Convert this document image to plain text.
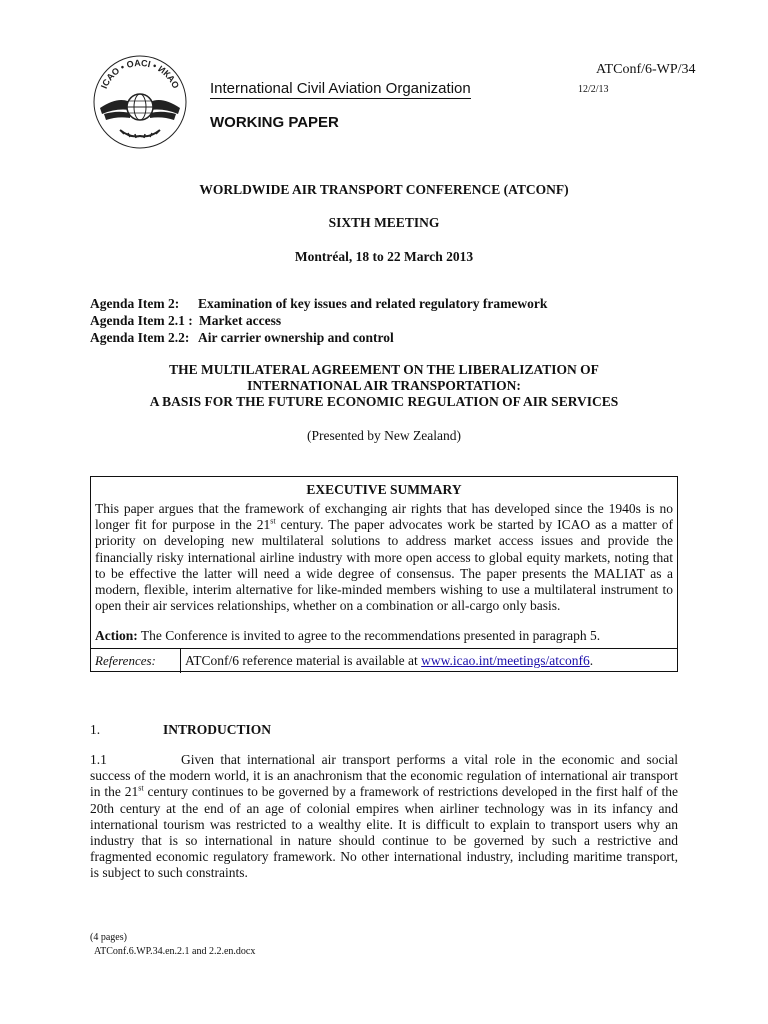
ICAO • OACI • ИКАО International Civil Aviation Organization
WORKING PAPER
ATConf/6-WP/34
12/2/13
WORLDWIDE AIR TRANSPORT CONFERENCE (ATCONF)
SIXTH MEETING
Montréal, 18 to 22 March 2013
Agenda Item 2: Examination of key issues and related regulatory framework
Agenda Item 2.1 : Market access
Agenda Item 2.2: Air carrier ownership and control
THE MULTILATERAL AGREEMENT ON THE LIBERALIZATION OF
INTERNATIONAL AIR TRANSPORTATION:
A BASIS FOR THE FUTURE ECONOMIC REGULATION OF AIR SERVICES
(Presented by New Zealand)
EXECUTIVE SUMMARY
This paper argues that the framework of exchanging air rights that has developed since the 1940s is no longer fit for purpose in the 21st century. The paper advocates work be started by ICAO as a matter of priority on developing new multilateral solutions to address market access issues and provide the financially risky international airline industry with more open access to global equity markets, noting that to be effective the latter will need a wide degree of consensus. The paper presents the MALIAT as a modern, flexible, interim alternative for like-minded members wishing to use a multilateral instrument to open their air services relationships, whether on a combination or all-cargo only basis.
Action: The Conference is invited to agree to the recommendations presented in paragraph 5.
References:	ATConf/6 reference material is available at www.icao.int/meetings/atconf6.
1.	INTRODUCTION
1.1	Given that international air transport performs a vital role in the economic and social success of the modern world, it is an anachronism that the economic regulation of international air transport in the 21st century continues to be governed by a framework of restrictions developed in the first half of the 20th century at the end of an age of colonial empires when airliner technology was in its infancy and international tourism was restricted to a wealthy elite. It is difficult to explain to transport users why an industry that is so international in nature should continue to be governed by such a restrictive and fragmented economic regulatory framework. No other international industry, including maritime transport, is subject to such constraints.
(4 pages)
ATConf.6.WP.34.en.2.1 and 2.2.en.docx
